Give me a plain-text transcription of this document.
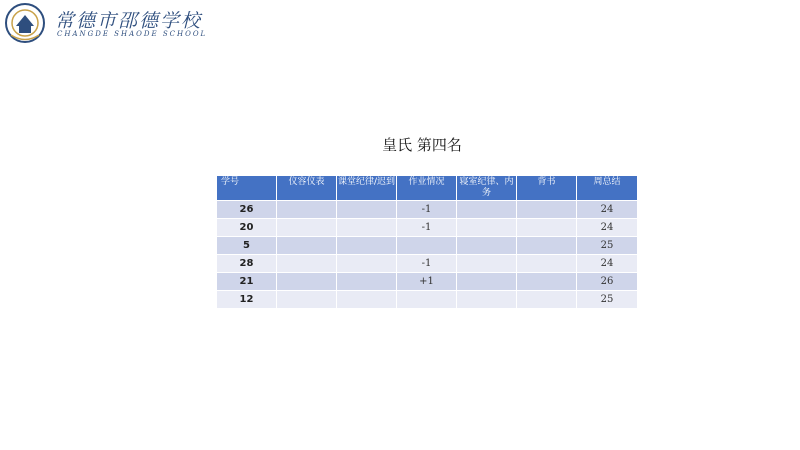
常德市邵德学校
CHANGDE SHAODE SCHOOL
皇氏 第四名
学号	仪容仪表	课堂纪律/迟到	作业情况	寝室纪律、内务	背书	周总结
26			-1			24
20			-1			24
5						25
28			-1			24
21			+1			26
12						25
